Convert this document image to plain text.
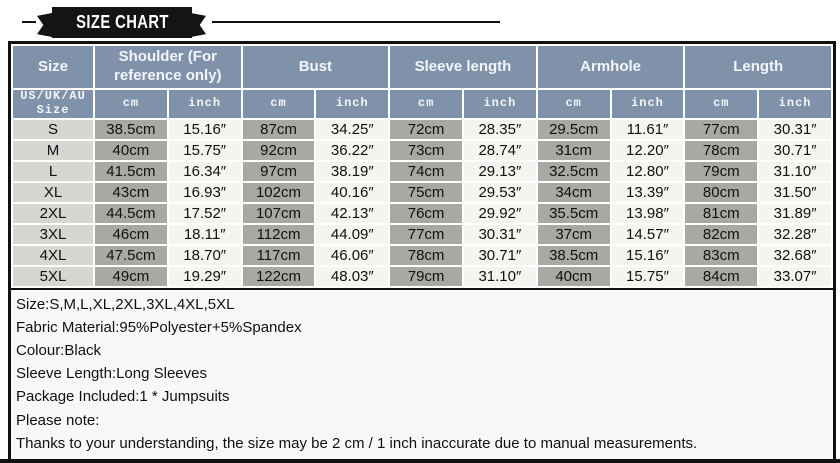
SIZE CHART
Size	Shoulder (For reference only)		Bust		Sleeve length		Armhole		Length	
US/UK/AU Size	cm	inch	cm	inch	cm	inch	cm	inch	cm	inch
S	38.5cm	15.16″	87cm	34.25″	72cm	28.35″	29.5cm	11.61″	77cm	30.31″
M	40cm	15.75″	92cm	36.22″	73cm	28.74″	31cm	12.20″	78cm	30.71″
L	41.5cm	16.34″	97cm	38.19″	74cm	29.13″	32.5cm	12.80″	79cm	31.10″
XL	43cm	16.93″	102cm	40.16″	75cm	29.53″	34cm	13.39″	80cm	31.50″
2XL	44.5cm	17.52″	107cm	42.13″	76cm	29.92″	35.5cm	13.98″	81cm	31.89″
3XL	46cm	18.11″	112cm	44.09″	77cm	30.31″	37cm	14.57″	82cm	32.28″
4XL	47.5cm	18.70″	117cm	46.06″	78cm	30.71″	38.5cm	15.16″	83cm	32.68″
5XL	49cm	19.29″	122cm	48.03″	79cm	31.10″	40cm	15.75″	84cm	33.07″
Size:S,M,L,XL,2XL,3XL,4XL,5XL
Fabric Material:95%Polyester+5%Spandex
Colour:Black
Sleeve Length:Long Sleeves
Package Included:1 * Jumpsuits
Please note:
Thanks to your understanding, the size may be 2 cm / 1 inch inaccurate due to manual measurements.
